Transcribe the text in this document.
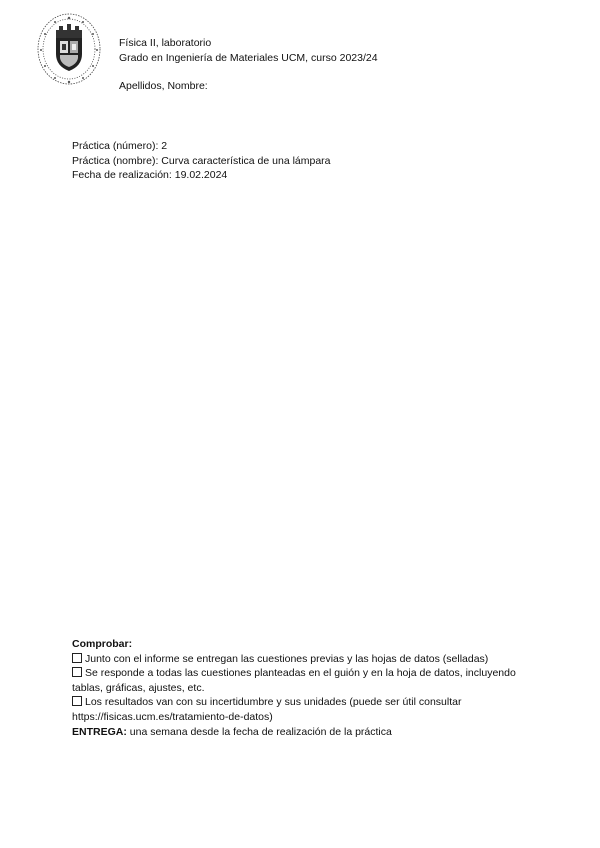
Física II, laboratorio
Grado en Ingeniería de Materiales UCM, curso 2023/24
Apellidos, Nombre:
Práctica (número): 2
Práctica (nombre): Curva característica de una lámpara
Fecha de realización: 19.02.2024
Comprobar:
Junto con el informe se entregan las cuestiones previas y las hojas de datos (selladas)
Se responde a todas las cuestiones planteadas en el guión y en la hoja de datos, incluyendo tablas, gráficas, ajustes, etc.
Los resultados van con su incertidumbre y sus unidades (puede ser útil consultar https://fisicas.ucm.es/tratamiento-de-datos)
ENTREGA: una semana desde la fecha de realización de la práctica
